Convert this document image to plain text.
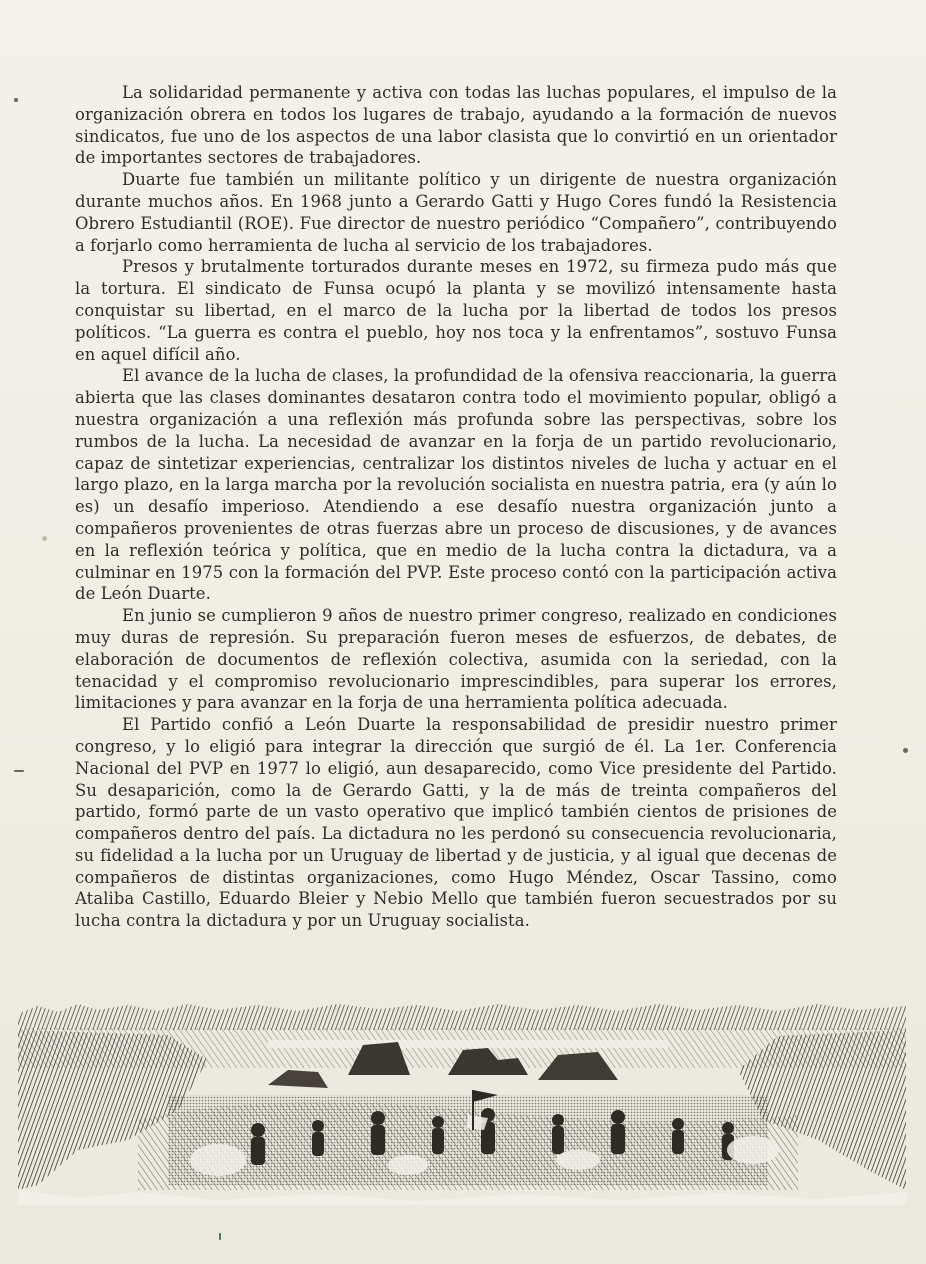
La solidaridad permanente y activa con todas las luchas populares, el impulso de la organización obrera en todos los lugares de trabajo, ayudando a la formación de nuevos sindicatos, fue uno de los aspectos de una labor clasista que lo convirtió en un orientador de importantes sectores de trabajadores.

Duarte fue también un militante político y un dirigente de nuestra organización durante muchos años. En 1968 junto a Gerardo Gatti y Hugo Cores fundó la Resistencia Obrero Estudiantil (ROE). Fue director de nuestro periódico “Compañero”, contribuyendo a forjarlo como herramienta de lucha al servicio de los trabajadores.

Presos y brutalmente torturados durante meses en 1972, su firmeza pudo más que la tortura. El sindicato de Funsa ocupó la planta y se movilizó intensamente hasta conquistar su libertad, en el marco de la lucha por la libertad de todos los presos políticos. “La guerra es contra el pueblo, hoy nos toca y la enfrentamos”, sostuvo Funsa en aquel difícil año.

El avance de la lucha de clases, la profundidad de la ofensiva reaccionaria, la guerra abierta que las clases dominantes desataron contra todo el movimiento popular, obligó a nuestra organización a una reflexión más profunda sobre las perspectivas, sobre los rumbos de la lucha. La necesidad de avanzar en la forja de un partido revolucionario, capaz de sintetizar experiencias, centralizar los distintos niveles de lucha y actuar en el largo plazo, en la larga marcha por la revolución socialista en nuestra patria, era (y aún lo es) un desafío imperioso. Atendiendo a ese desafío nuestra organización junto a compañeros provenientes de otras fuerzas abre un proceso de discusiones, y de avances en la reflexión teórica y política, que en medio de la lucha contra la dictadura, va a culminar en 1975 con la formación del PVP. Este proceso contó con la participación activa de León Duarte.

En junio se cumplieron 9 años de nuestro primer congreso, realizado en condiciones muy duras de represión. Su preparación fueron meses de esfuerzos, de debates, de elaboración de documentos de reflexión colectiva, asumida con la seriedad, con la tenacidad y el compromiso revolucionario imprescindibles, para superar los errores, limitaciones y para avanzar en la forja de una herramienta política adecuada.

El Partido confió a León Duarte la responsabilidad de presidir nuestro primer congreso, y lo eligió para integrar la dirección que surgió de él. La 1er. Conferencia Nacional del PVP en 1977 lo eligió, aun desaparecido, como Vice presidente del Partido. Su desaparición, como la de Gerardo Gatti, y la de más de treinta compañeros del partido, formó parte de un vasto operativo que implicó también cientos de prisiones de compañeros dentro del país. La dictadura no les perdonó su consecuencia revolucionaria, su fidelidad a la lucha por un Uruguay de libertad y de justicia, y al igual que decenas de compañeros de distintas organizaciones, como Hugo Méndez, Oscar Tassino, como Ataliba Castillo, Eduardo Bleier y Nebio Mello que también fueron secuestrados por su lucha contra la dictadura y por un Uruguay socialista.
